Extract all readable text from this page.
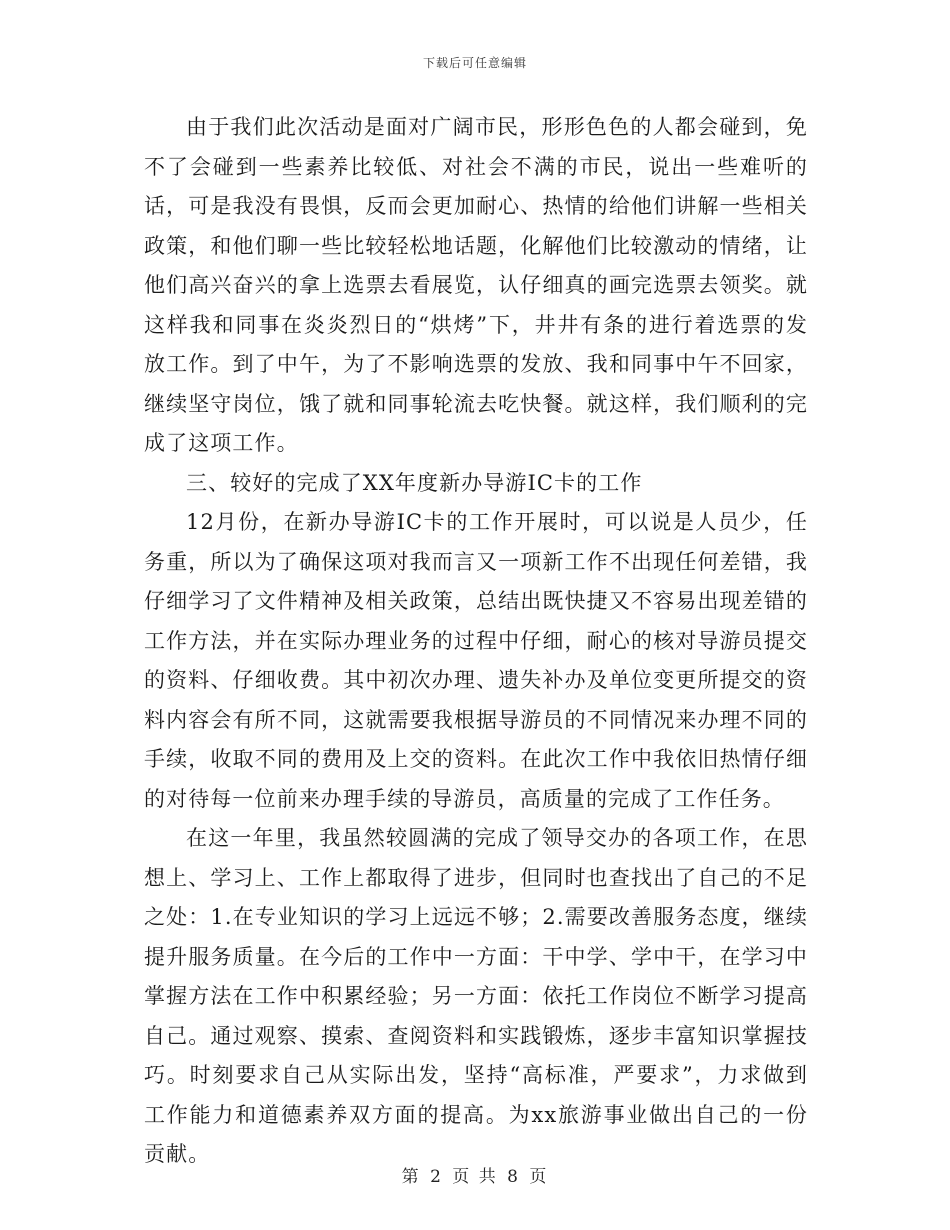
下载后可任意编辑

由于我们此次活动是面对广阔市民，形形色色的人都会碰到，免不了会碰到一些素养比较低、对社会不满的市民，说出一些难听的话，可是我没有畏惧，反而会更加耐心、热情的给他们讲解一些相关政策，和他们聊一些比较轻松地话题，化解他们比较激动的情绪，让他们高兴奋兴的拿上选票去看展览，认仔细真的画完选票去领奖。就这样我和同事在炎炎烈日的“烘烤”下，井井有条的进行着选票的发放工作。到了中午，为了不影响选票的发放、我和同事中午不回家，继续坚守岗位，饿了就和同事轮流去吃快餐。就这样，我们顺利的完成了这项工作。

三、较好的完成了XX年度新办导游IC卡的工作

12月份，在新办导游IC卡的工作开展时，可以说是人员少，任务重，所以为了确保这项对我而言又一项新工作不出现任何差错，我仔细学习了文件精神及相关政策，总结出既快捷又不容易出现差错的工作方法，并在实际办理业务的过程中仔细，耐心的核对导游员提交的资料、仔细收费。其中初次办理、遗失补办及单位变更所提交的资料内容会有所不同，这就需要我根据导游员的不同情况来办理不同的手续，收取不同的费用及上交的资料。在此次工作中我依旧热情仔细的对待每一位前来办理手续的导游员，高质量的完成了工作任务。

在这一年里，我虽然较圆满的完成了领导交办的各项工作，在思想上、学习上、工作上都取得了进步，但同时也查找出了自己的不足之处：1.在专业知识的学习上远远不够；2.需要改善服务态度，继续提升服务质量。在今后的工作中一方面：干中学、学中干，在学习中掌握方法在工作中积累经验；另一方面：依托工作岗位不断学习提高自己。通过观察、摸索、查阅资料和实践锻炼，逐步丰富知识掌握技巧。时刻要求自己从实际出发，坚持“高标准，严要求”，力求做到工作能力和道德素养双方面的提高。为xx旅游事业做出自己的一份贡献。

第 2 页 共 8 页
